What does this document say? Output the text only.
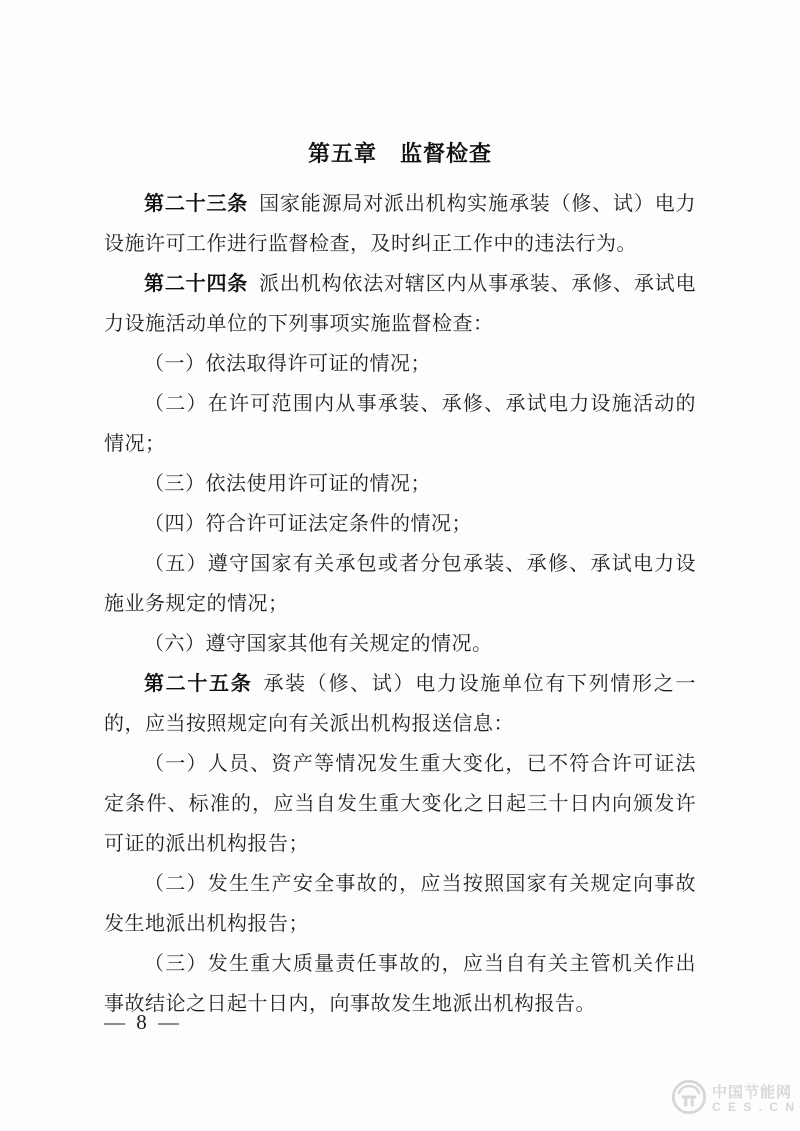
第五章　监督检查

第二十三条 国家能源局对派出机构实施承装（修、试）电力设施许可工作进行监督检查，及时纠正工作中的违法行为。

第二十四条 派出机构依法对辖区内从事承装、承修、承试电力设施活动单位的下列事项实施监督检查：

（一）依法取得许可证的情况；

（二）在许可范围内从事承装、承修、承试电力设施活动的情况；

（三）依法使用许可证的情况；

（四）符合许可证法定条件的情况；

（五）遵守国家有关承包或者分包承装、承修、承试电力设施业务规定的情况；

（六）遵守国家其他有关规定的情况。

第二十五条 承装（修、试）电力设施单位有下列情形之一的，应当按照规定向有关派出机构报送信息：

（一）人员、资产等情况发生重大变化，已不符合许可证法定条件、标准的，应当自发生重大变化之日起三十日内向颁发许可证的派出机构报告；

（二）发生生产安全事故的，应当按照国家有关规定向事故发生地派出机构报告；

（三）发生重大质量责任事故的，应当自有关主管机关作出事故结论之日起十日内，向事故发生地派出机构报告。

— 8 —
中国节能网
C E S . C N
